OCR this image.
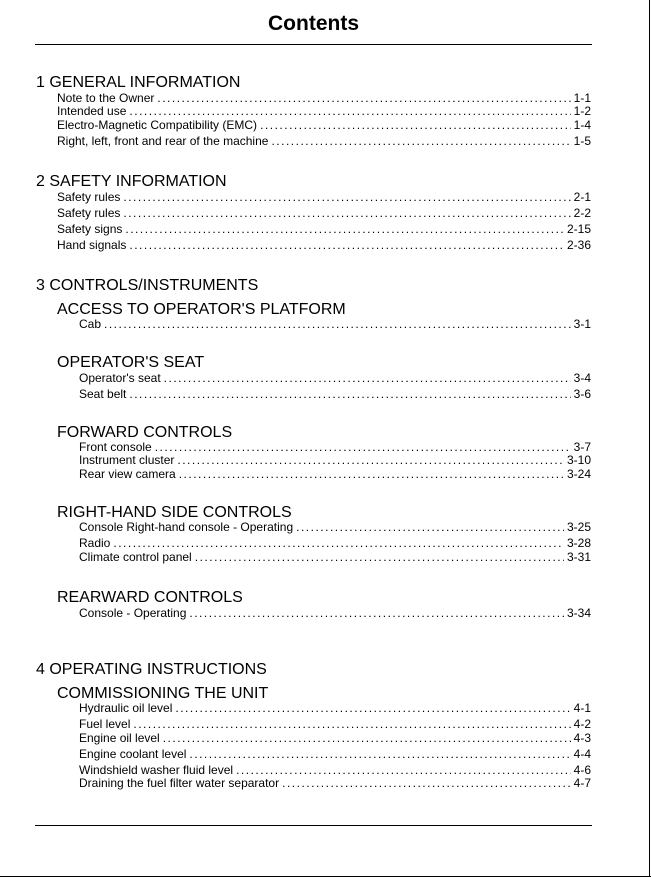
Contents
1 GENERAL INFORMATION
Note to the Owner .....	1-1
Intended use .....	1-2
Electro-Magnetic Compatibility (EMC) .....	1-4
Right, left, front and rear of the machine .....	1-5
2 SAFETY INFORMATION
Safety rules .....	2-1
Safety rules .....	2-2
Safety signs .....	2-15
Hand signals .....	2-36
3 CONTROLS/INSTRUMENTS
ACCESS TO OPERATOR'S PLATFORM
Cab .....	3-1
OPERATOR'S SEAT
Operator's seat .....	3-4
Seat belt .....	3-6
FORWARD CONTROLS
Front console .....	3-7
Instrument cluster .....	3-10
Rear view camera .....	3-24
RIGHT-HAND SIDE CONTROLS
Console Right-hand console - Operating .....	3-25
Radio .....	3-28
Climate control panel .....	3-31
REARWARD CONTROLS
Console - Operating .....	3-34
4 OPERATING INSTRUCTIONS
COMMISSIONING THE UNIT
Hydraulic oil level .....	4-1
Fuel level .....	4-2
Engine oil level .....	4-3
Engine coolant level .....	4-4
Windshield washer fluid level .....	4-6
Draining the fuel filter water separator .....	4-7
